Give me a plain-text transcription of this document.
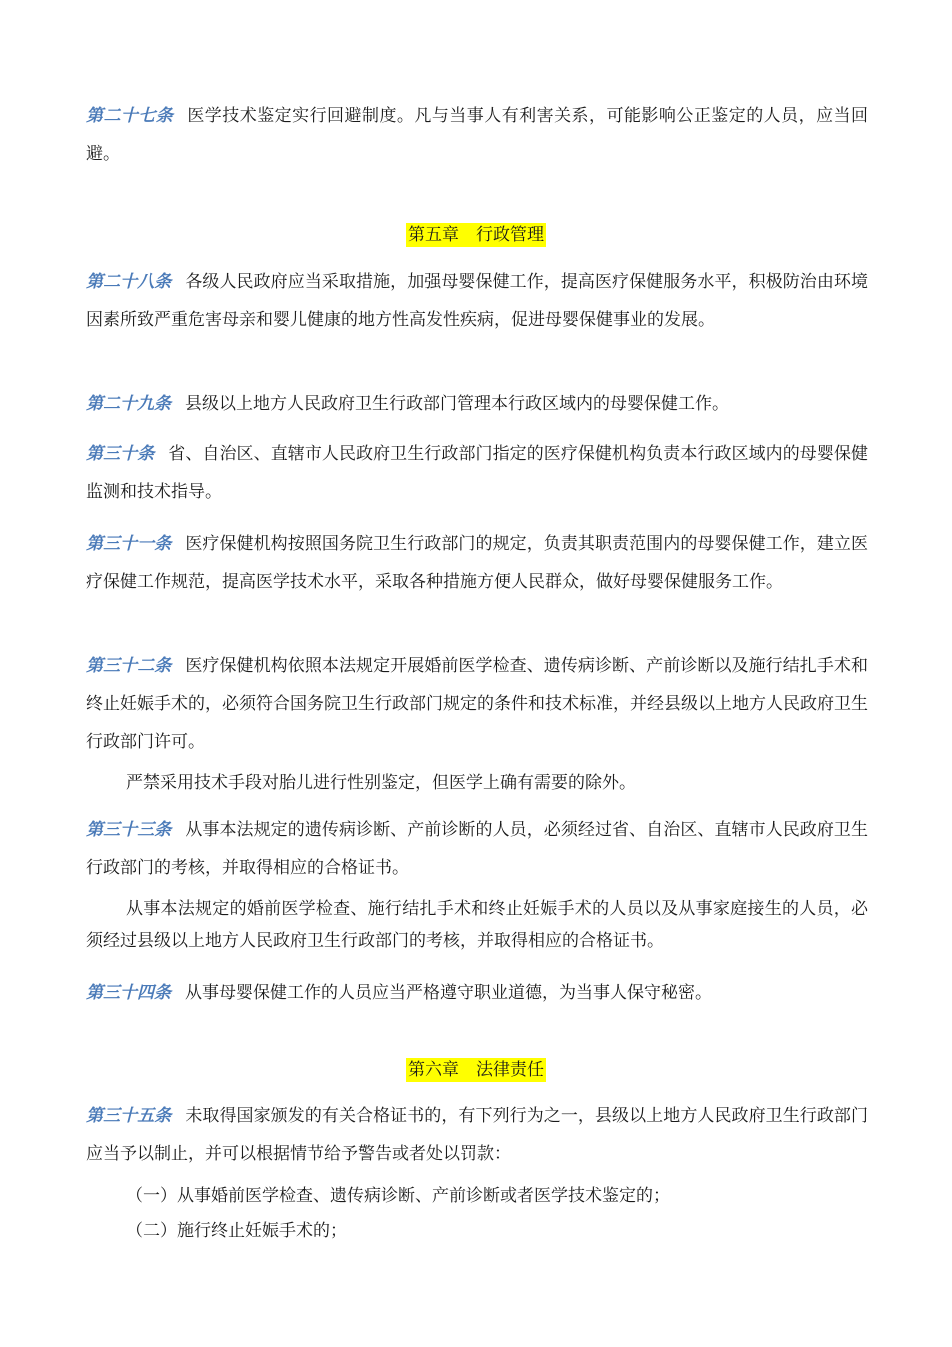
第二十七条 医学技术鉴定实行回避制度。凡与当事人有利害关系，可能影响公正鉴定的人员，应当回避。

第五章　行政管理

第二十八条 各级人民政府应当采取措施，加强母婴保健工作，提高医疗保健服务水平，积极防治由环境因素所致严重危害母亲和婴儿健康的地方性高发性疾病，促进母婴保健事业的发展。

第二十九条 县级以上地方人民政府卫生行政部门管理本行政区域内的母婴保健工作。

第三十条 省、自治区、直辖市人民政府卫生行政部门指定的医疗保健机构负责本行政区域内的母婴保健监测和技术指导。

第三十一条 医疗保健机构按照国务院卫生行政部门的规定，负责其职责范围内的母婴保健工作，建立医疗保健工作规范，提高医学技术水平，采取各种措施方便人民群众，做好母婴保健服务工作。

第三十二条 医疗保健机构依照本法规定开展婚前医学检查、遗传病诊断、产前诊断以及施行结扎手术和终止妊娠手术的，必须符合国务院卫生行政部门规定的条件和技术标准，并经县级以上地方人民政府卫生行政部门许可。

严禁采用技术手段对胎儿进行性别鉴定，但医学上确有需要的除外。

第三十三条 从事本法规定的遗传病诊断、产前诊断的人员，必须经过省、自治区、直辖市人民政府卫生行政部门的考核，并取得相应的合格证书。

从事本法规定的婚前医学检查、施行结扎手术和终止妊娠手术的人员以及从事家庭接生的人员，必须经过县级以上地方人民政府卫生行政部门的考核，并取得相应的合格证书。

第三十四条 从事母婴保健工作的人员应当严格遵守职业道德，为当事人保守秘密。

第六章　法律责任

第三十五条 未取得国家颁发的有关合格证书的，有下列行为之一，县级以上地方人民政府卫生行政部门应当予以制止，并可以根据情节给予警告或者处以罚款：

（一）从事婚前医学检查、遗传病诊断、产前诊断或者医学技术鉴定的；

（二）施行终止妊娠手术的；
